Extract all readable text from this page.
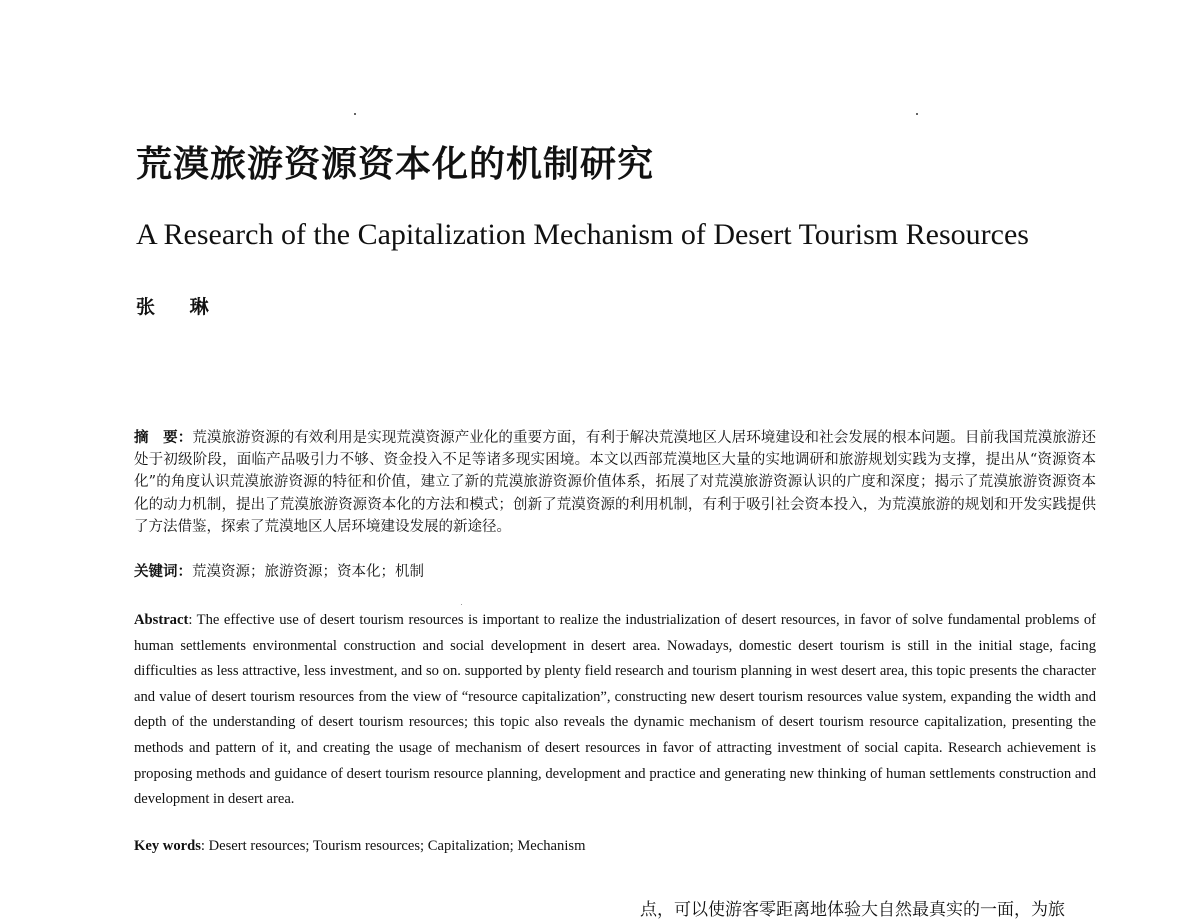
荒漠旅游资源资本化的机制研究
A Research of the Capitalization Mechanism of Desert Tourism Resources
张 琳

摘　要：荒漠旅游资源的有效利用是实现荒漠资源产业化的重要方面，有利于解决荒漠地区人居环境建设和社会发展的根本问题。目前我国荒漠旅游还处于初级阶段，面临产品吸引力不够、资金投入不足等诸多现实困境。本文以西部荒漠地区大量的实地调研和旅游规划实践为支撑，提出从“资源资本化”的角度认识荒漠旅游资源的特征和价值，建立了新的荒漠旅游资源价值体系，拓展了对荒漠旅游资源认识的广度和深度；揭示了荒漠旅游资源资本化的动力机制，提出了荒漠旅游资源资本化的方法和模式；创新了荒漠资源的利用机制，有利于吸引社会资本投入，为荒漠旅游的规划和开发实践提供了方法借鉴，探索了荒漠地区人居环境建设发展的新途径。

关键词：荒漠资源；旅游资源；资本化；机制

Abstract: The effective use of desert tourism resources is important to realize the industrialization of desert resources, in favor of solve fundamental problems of human settlements environmental construction and social development in desert area. Nowadays, domestic desert tourism is still in the initial stage, facing difficulties as less attractive, less investment, and so on. supported by plenty field research and tourism planning in west desert area, this topic presents the character and value of desert tourism resources from the view of “resource capitalization”, constructing new desert tourism resources value system, expanding the width and depth of the understanding of desert tourism resources; this topic also reveals the dynamic mechanism of desert tourism resource capitalization, presenting the methods and pattern of it, and creating the usage of mechanism of desert resources in favor of attracting investment of social capita. Research achievement is proposing methods and guidance of desert tourism resource planning, development and practice and generating new thinking of human settlements construction and development in desert area.

Key words: Desert resources; Tourism resources; Capitalization; Mechanism
点，可以使游客零距离地体验大自然最真实的一面，为旅
